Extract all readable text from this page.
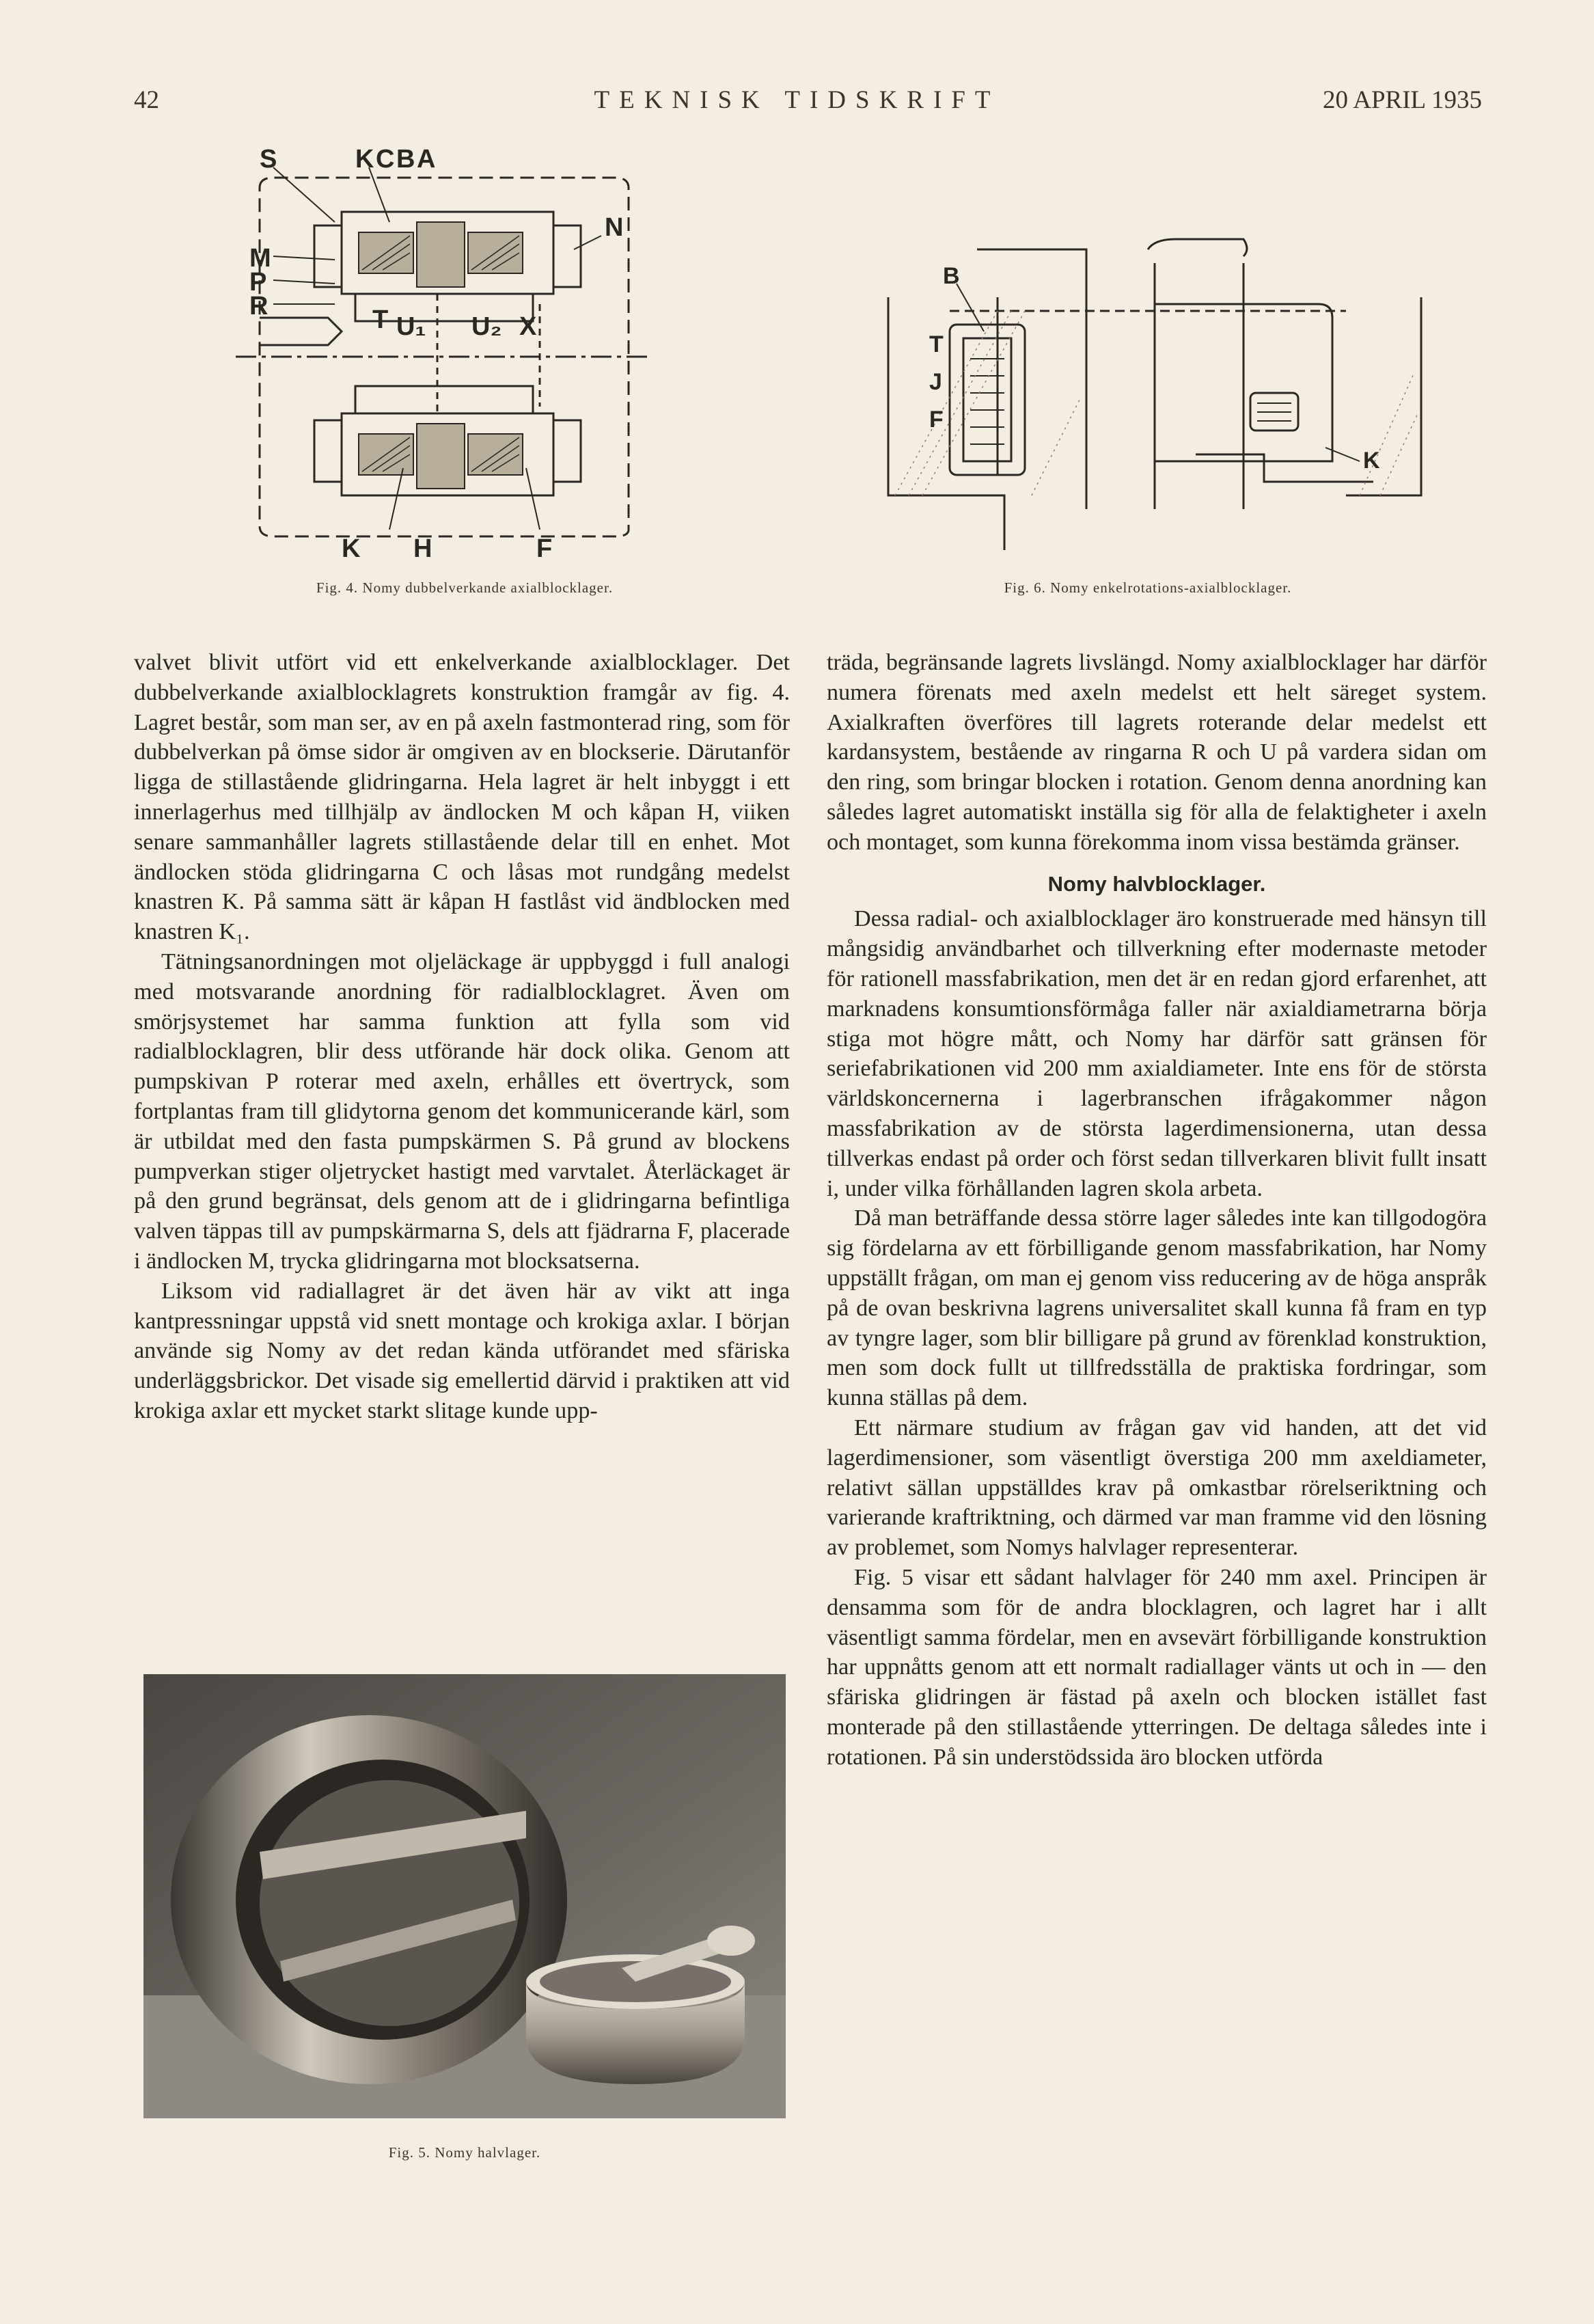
42	TEKNISK TIDSKRIFT	20 APRIL 1935
S	K C B A
N
M
P
R	T U₁ U₂ X
K H	F
Fig. 4. Nomy dubbelverkande axialblocklager.
B
T
J
F
K
Fig. 6. Nomy enkelrotations-axialblocklager.

valvet blivit utfört vid ett enkelverkande axialblocklager. Det dubbelverkande axialblocklagrets konstruktion framgår av fig. 4. Lagret består, som man ser, av en på axeln fastmonterad ring, som för dubbelverkan på ömse sidor är omgiven av en blockserie. Därutanför ligga de stillastående glidringarna. Hela lagret är helt inbyggt i ett innerlagerhus med tillhjälp av ändlocken M och kåpan H, viiken senare sammanhåller lagrets stillastående delar till en enhet. Mot ändlocken stöda glidringarna C och låsas mot rundgång medelst knastren K. På samma sätt är kåpan H fastlåst vid ändblocken med knastren K₁.

Tätningsanordningen mot oljeläckage är uppbyggd i full analogi med motsvarande anordning för radialblocklagret. Även om smörjsystemet har samma funktion att fylla som vid radialblocklagren, blir dess utförande här dock olika. Genom att pumpskivan P roterar med axeln, erhålles ett övertryck, som fortplantas fram till glidytorna genom det kommunicerande kärl, som är utbildat med den fasta pumpskärmen S. På grund av blockens pumpverkan stiger oljetrycket hastigt med varvtalet. Återläckaget är på den grund begränsat, dels genom att de i glidringarna befintliga valven täppas till av pumpskärmarna S, dels att fjädrarna F, placerade i ändlocken M, trycka glidringarna mot blocksatserna.

Liksom vid radiallagret är det även här av vikt att inga kantpressningar uppstå vid snett montage och krokiga axlar. I början använde sig Nomy av det redan kända utförandet med sfäriska underläggsbrickor. Det visade sig emellertid därvid i praktiken att vid krokiga axlar ett mycket starkt slitage kunde upp-

Fig. 5. Nomy halvlager.

träda, begränsande lagrets livslängd. Nomy axialblocklager har därför numera förenats med axeln medelst ett helt säreget system. Axialkraften överföres till lagrets roterande delar medelst ett kardansystem, bestående av ringarna R och U på vardera sidan om den ring, som bringar blocken i rotation. Genom denna anordning kan således lagret automatiskt inställa sig för alla de felaktigheter i axeln och montaget, som kunna förekomma inom vissa bestämda gränser.

Nomy halvblocklager.

Dessa radial- och axialblocklager äro konstruerade med hänsyn till mångsidig användbarhet och tillverkning efter modernaste metoder för rationell massfabrikation, men det är en redan gjord erfarenhet, att marknadens konsumtionsförmåga faller när axialdiametrarna börja stiga mot högre mått, och Nomy har därför satt gränsen för seriefabrikationen vid 200 mm axialdiameter. Inte ens för de största världskoncernerna i lagerbranschen ifrågakommer någon massfabrikation av de största lagerdimensionerna, utan dessa tillverkas endast på order och först sedan tillverkaren blivit fullt insatt i, under vilka förhållanden lagren skola arbeta.

Då man beträffande dessa större lager således inte kan tillgodogöra sig fördelarna av ett förbilligande genom massfabrikation, har Nomy uppställt frågan, om man ej genom viss reducering av de höga anspråk på de ovan beskrivna lagrens universalitet skall kunna få fram en typ av tyngre lager, som blir billigare på grund av förenklad konstruktion, men som dock fullt ut tillfredsställa de praktiska fordringar, som kunna ställas på dem.

Ett närmare studium av frågan gav vid handen, att det vid lagerdimensioner, som väsentligt överstiga 200 mm axeldiameter, relativt sällan uppställdes krav på omkastbar rörelseriktning och varierande kraftriktning, och därmed var man framme vid den lösning av problemet, som Nomys halvlager representerar.

Fig. 5 visar ett sådant halvlager för 240 mm axel. Principen är densamma som för de andra blocklagren, och lagret har i allt väsentligt samma fördelar, men en avsevärt förbilligande konstruktion har uppnåtts genom att ett normalt radiallager vänts ut och in — den sfäriska glidringen är fästad på axeln och blocken istället fast monterade på den stillastående ytterringen. De deltaga således inte i rotationen. På sin understödssida äro blocken utförda
